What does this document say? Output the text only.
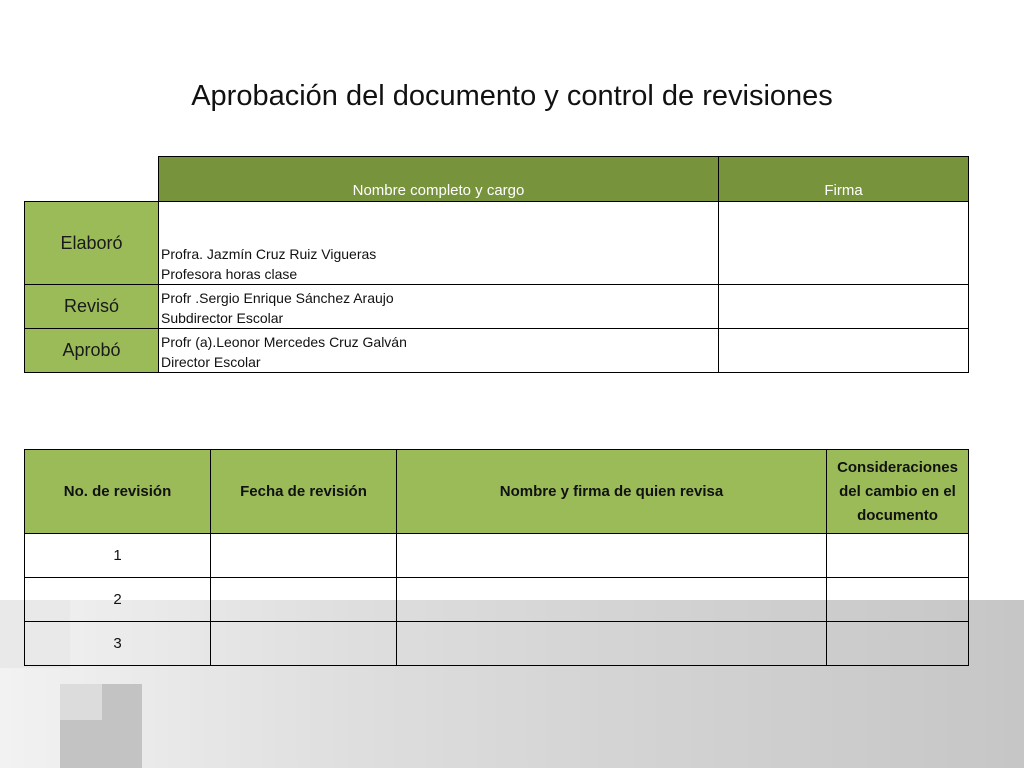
Aprobación del documento y control de revisiones
	Nombre completo y cargo	Firma
Elaboró	Profra. Jazmín Cruz Ruiz Vigueras
Profesora horas clase	

Revisó	Profr .Sergio Enrique Sánchez Araujo
Subdirector Escolar	

Aprobó	Profr (a).Leonor Mercedes Cruz Galván
Director Escolar	

No. de revisión	Fecha de revisión	Nombre y firma de quien revisa	Consideraciones del cambio en el documento
1			
2			
3			
